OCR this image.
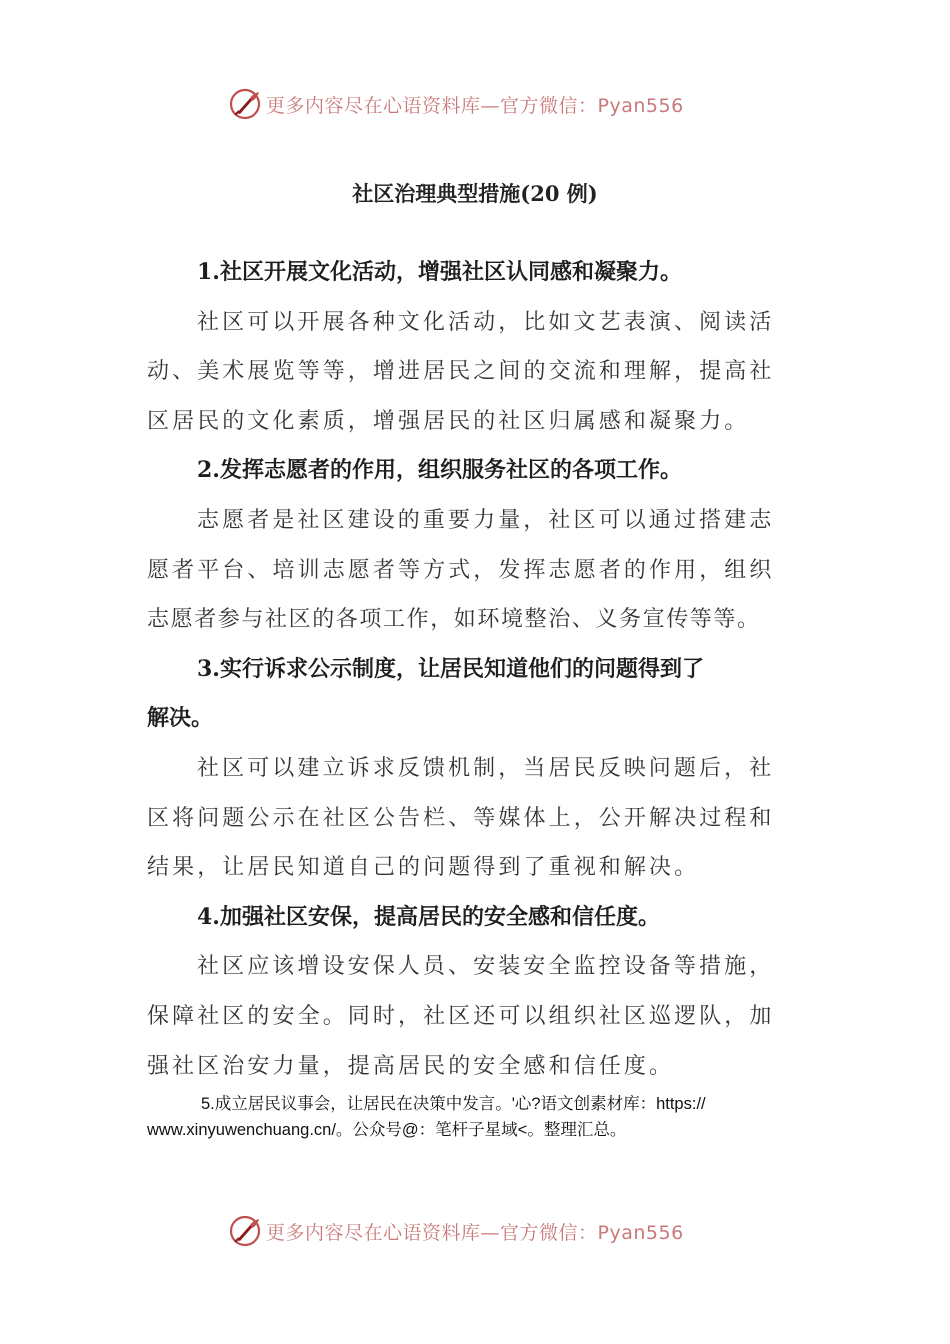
更多内容尽在心语资料库—官方微信：Pyan556
社区治理典型措施(20 例)
1.社区开展文化活动，增强社区认同感和凝聚力。
社区可以开展各种文化活动，比如文艺表演、阅读活
动、美术展览等等，增进居民之间的交流和理解，提高社
区居民的文化素质，增强居民的社区归属感和凝聚力。
2.发挥志愿者的作用，组织服务社区的各项工作。
志愿者是社区建设的重要力量，社区可以通过搭建志
愿者平台、培训志愿者等方式，发挥志愿者的作用，组织
志愿者参与社区的各项工作，如环境整治、义务宣传等等。
3.实行诉求公示制度，让居民知道他们的问题得到了
解决。
社区可以建立诉求反馈机制，当居民反映问题后，社
区将问题公示在社区公告栏、等媒体上，公开解决过程和
结果，让居民知道自己的问题得到了重视和解决。
4.加强社区安保，提高居民的安全感和信任度。
社区应该增设安保人员、安装安全监控设备等措施，
保障社区的安全。同时，社区还可以组织社区巡逻队，加
强社区治安力量，提高居民的安全感和信任度。
5.成立居民议事会，让居民在决策中发言。'心?语文创素材库：https://
www.xinyuwenchuang.cn/。公众号@：笔杆子星域<。整理汇总。
更多内容尽在心语资料库—官方微信：Pyan556
